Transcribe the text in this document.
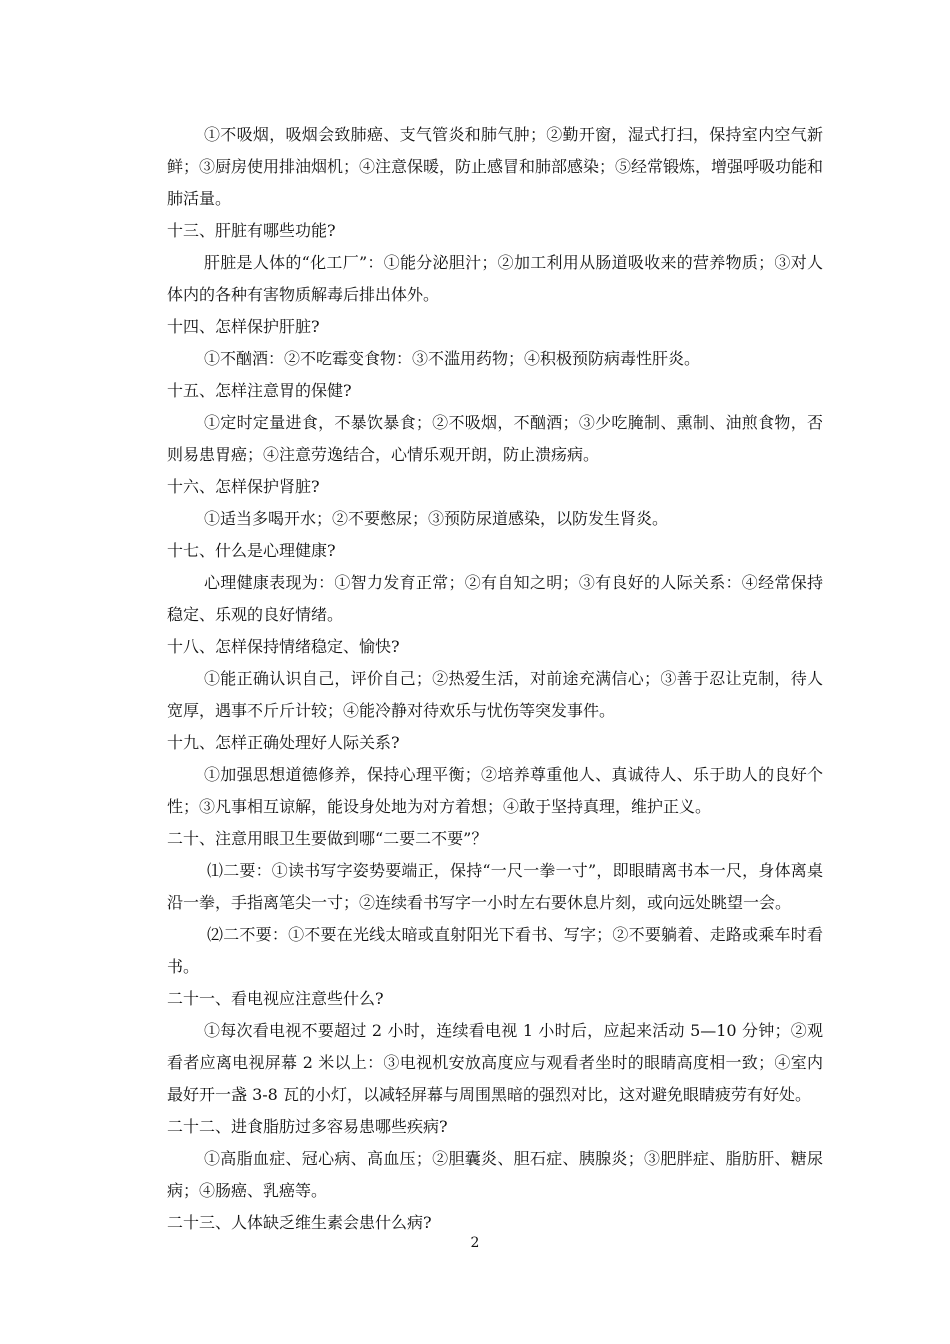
①不吸烟，吸烟会致肺癌、支气管炎和肺气肿；②勤开窗，湿式打扫，保持室内空气新鲜；③厨房使用排油烟机；④注意保暖，防止感冒和肺部感染；⑤经常锻炼，增强呼吸功能和肺活量。

十三、肝脏有哪些功能?

肝脏是人体的“化工厂”：①能分泌胆汁；②加工利用从肠道吸收来的营养物质；③对人体内的各种有害物质解毒后排出体外。

十四、怎样保护肝脏?

①不酗酒：②不吃霉变食物：③不滥用药物；④积极预防病毒性肝炎。

十五、怎样注意胃的保健?

①定时定量进食，不暴饮暴食；②不吸烟，不酗酒；③少吃腌制、熏制、油煎食物，否则易患胃癌；④注意劳逸结合，心情乐观开朗，防止溃疡病。

十六、怎样保护肾脏?

①适当多喝开水；②不要憋尿；③预防尿道感染，以防发生肾炎。

十七、什么是心理健康?

心理健康表现为：①智力发育正常；②有自知之明；③有良好的人际关系：④经常保持稳定、乐观的良好情绪。

十八、怎样保持情绪稳定、愉快?

①能正确认识自己，评价自己；②热爱生活，对前途充满信心；③善于忍让克制，待人宽厚，遇事不斤斤计较；④能冷静对待欢乐与忧伤等突发事件。

十九、怎样正确处理好人际关系?

①加强思想道德修养，保持心理平衡；②培养尊重他人、真诚待人、乐于助人的良好个性；③凡事相互谅解，能设身处地为对方着想；④敢于坚持真理，维护正义。

二十、注意用眼卫生要做到哪“二要二不要”？

⑴二要：①读书写字姿势要端正，保持“一尺一拳一寸”，即眼睛离书本一尺，身体离桌沿一拳，手指离笔尖一寸；②连续看书写字一小时左右要休息片刻，或向远处眺望一会。

⑵二不要：①不要在光线太暗或直射阳光下看书、写字；②不要躺着、走路或乘车时看书。

二十一、看电视应注意些什么?

①每次看电视不要超过 2 小时，连续看电视 1 小时后，应起来活动 5—10 分钟；②观看者应离电视屏幕 2 米以上：③电视机安放高度应与观看者坐时的眼睛高度相一致；④室内最好开一盏 3-8 瓦的小灯，以减轻屏幕与周围黑暗的强烈对比，这对避免眼睛疲劳有好处。

二十二、进食脂肪过多容易患哪些疾病?

①高脂血症、冠心病、高血压；②胆囊炎、胆石症、胰腺炎；③肥胖症、脂肪肝、糖尿病；④肠癌、乳癌等。

二十三、人体缺乏维生素会患什么病?

2
